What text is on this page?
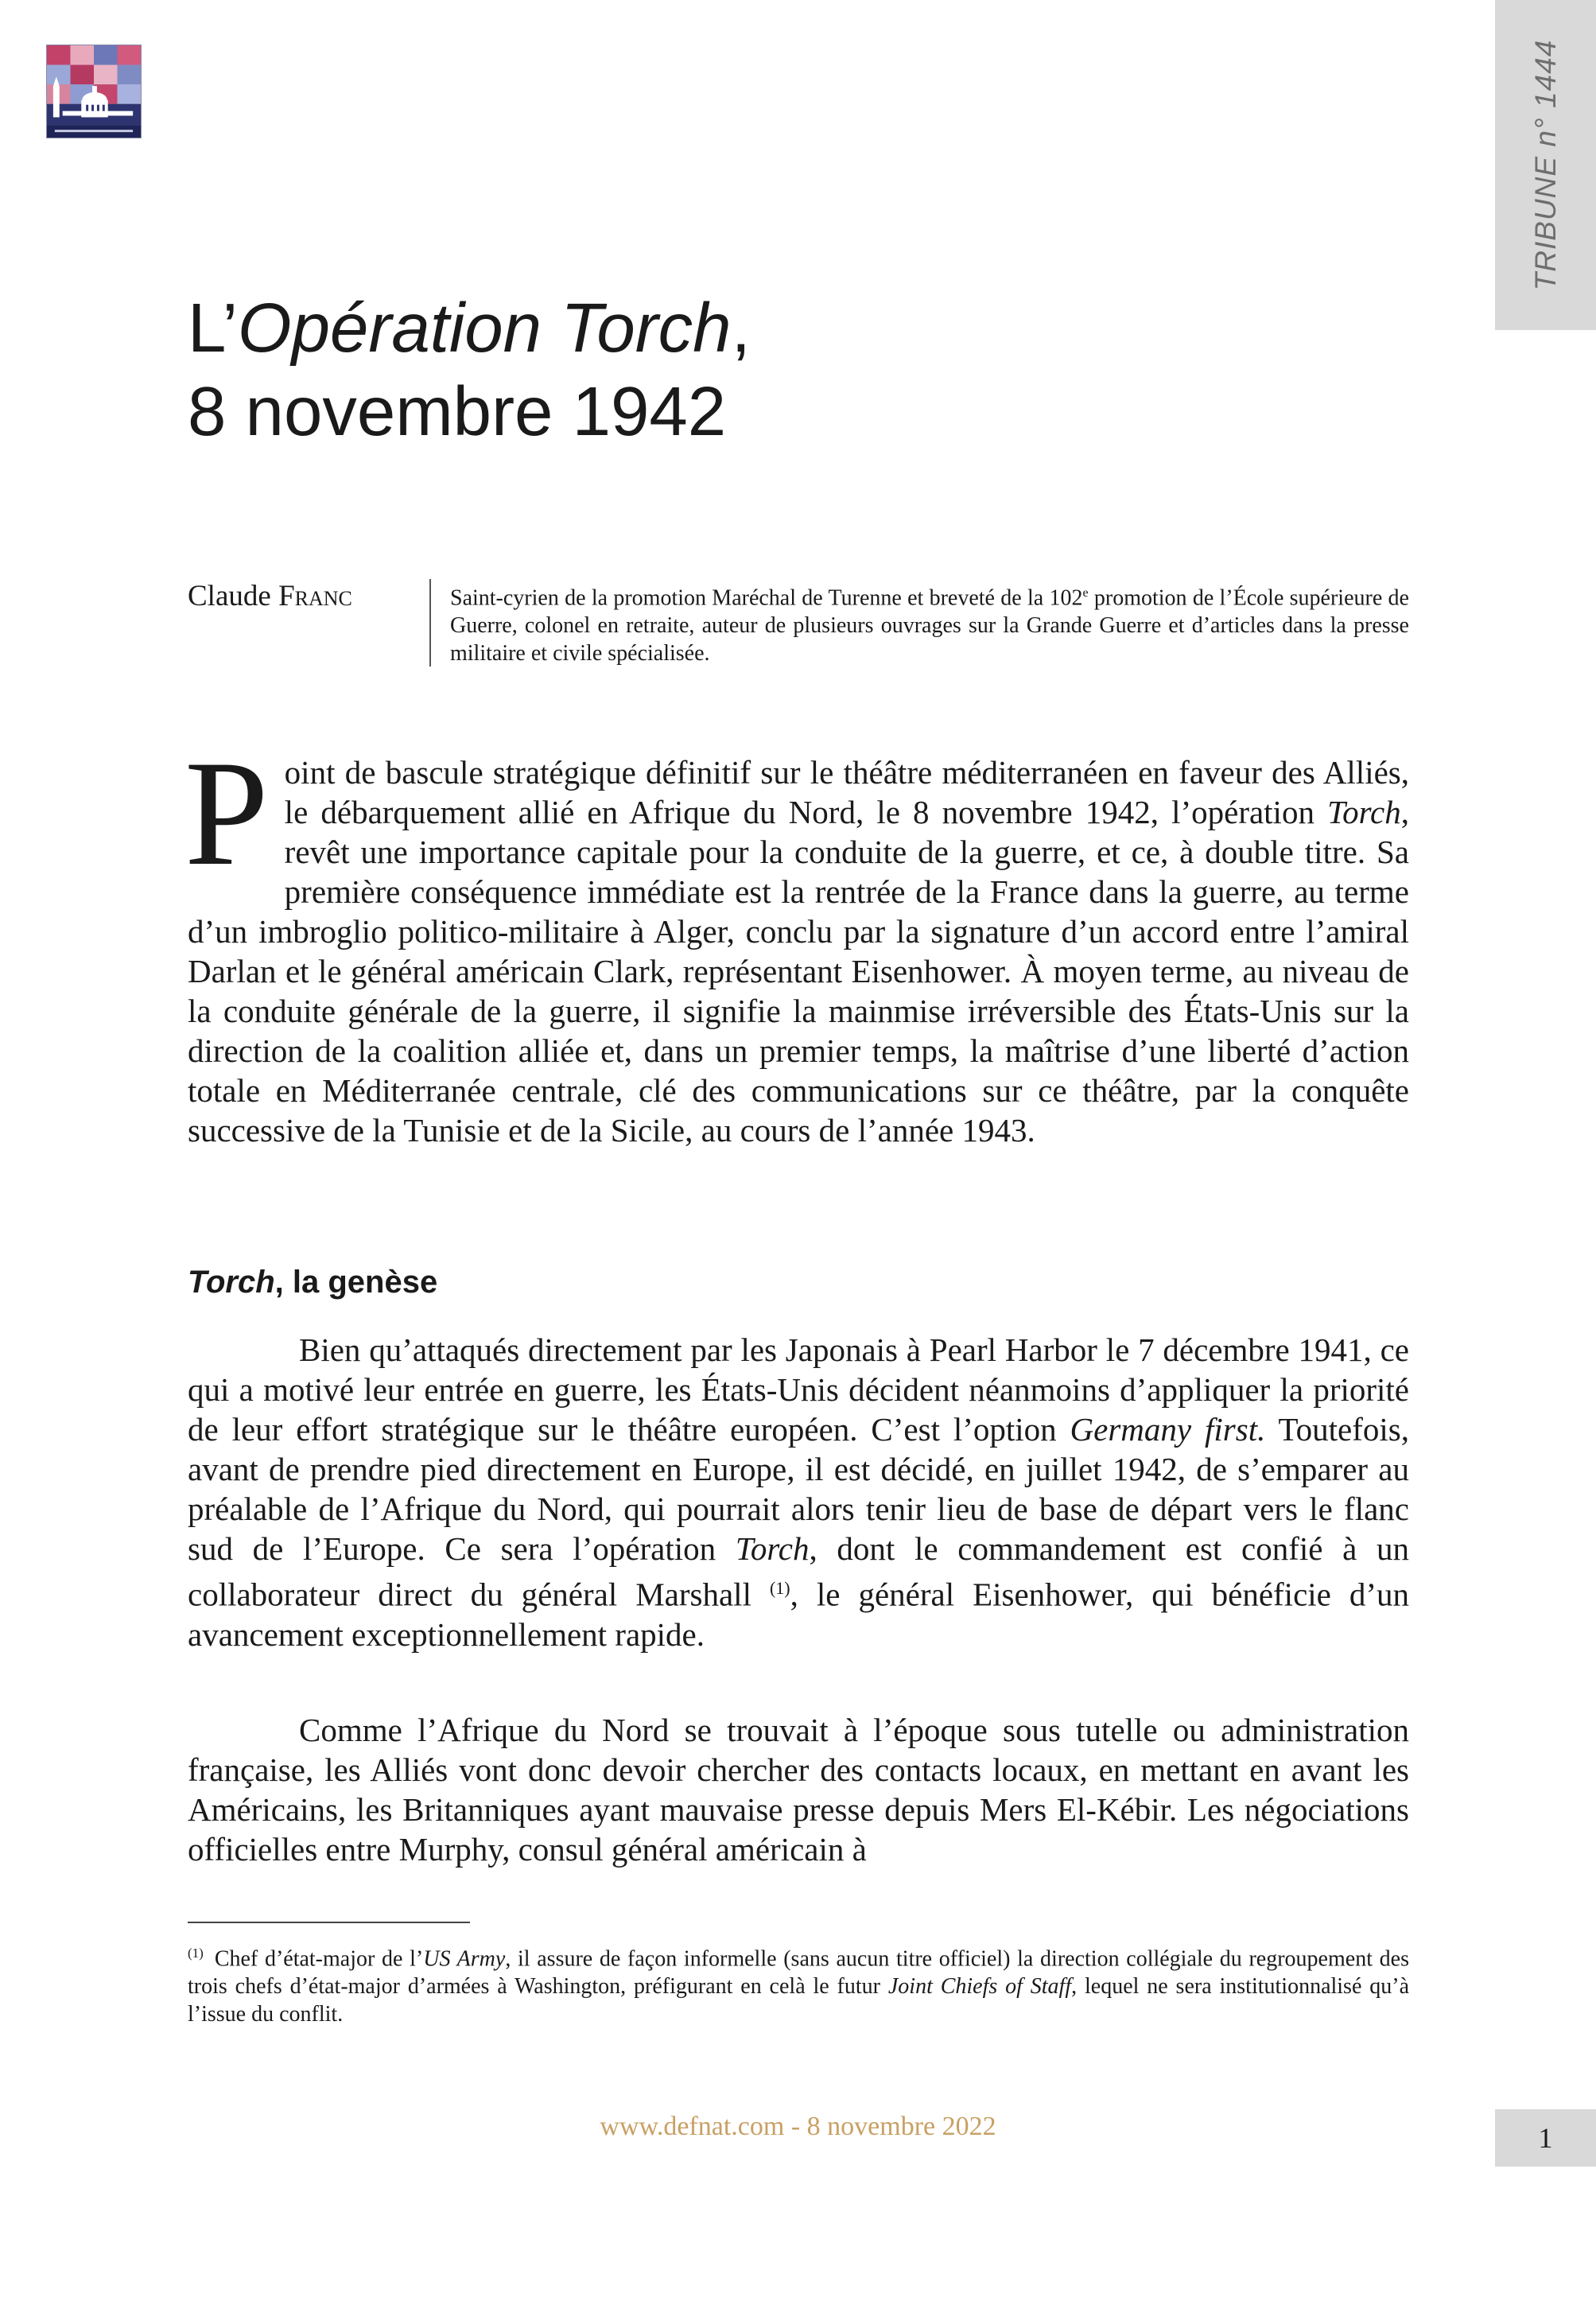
TRIBUNE n° 1444
L’Opération Torch,
8 novembre 1942
Claude Franc	Saint-cyrien de la promotion Maréchal de Turenne et breveté de la 102e promotion de l’École supérieure de Guerre, colonel en retraite, auteur de plusieurs ouvrages sur la Grande Guerre et d’articles dans la presse militaire et civile spécialisée.

Point de bascule stratégique définitif sur le théâtre méditerranéen en faveur des Alliés, le débarquement allié en Afrique du Nord, le 8 novembre 1942, l’opération Torch, revêt une importance capitale pour la conduite de la guerre, et ce, à double titre. Sa première conséquence immédiate est la rentrée de la France dans la guerre, au terme d’un imbroglio politico-militaire à Alger, conclu par la signature d’un accord entre l’amiral Darlan et le général américain Clark, représentant Eisenhower. À moyen terme, au niveau de la conduite générale de la guerre, il signifie la mainmise irréversible des États-Unis sur la direction de la coalition alliée et, dans un premier temps, la maîtrise d’une liberté d’action totale en Méditerranée centrale, clé des communications sur ce théâtre, par la conquête successive de la Tunisie et de la Sicile, au cours de l’année 1943.

Torch, la genèse

Bien qu’attaqués directement par les Japonais à Pearl Harbor le 7 décembre 1941, ce qui a motivé leur entrée en guerre, les États-Unis décident néanmoins d’appliquer la priorité de leur effort stratégique sur le théâtre européen. C’est l’option Germany first. Toutefois, avant de prendre pied directement en Europe, il est décidé, en juillet 1942, de s’emparer au préalable de l’Afrique du Nord, qui pourrait alors tenir lieu de base de départ vers le flanc sud de l’Europe. Ce sera l’opération Torch, dont le commandement est confié à un collaborateur direct du général Marshall $^{(1)}$, le général Eisenhower, qui bénéficie d’un avancement exceptionnellement rapide.

Comme l’Afrique du Nord se trouvait à l’époque sous tutelle ou administration française, les Alliés vont donc devoir chercher des contacts locaux, en mettant en avant les Américains, les Britanniques ayant mauvaise presse depuis Mers El-Kébir. Les négociations officielles entre Murphy, consul général américain à

$^{(1)}$ Chef d’état-major de l’US Army, il assure de façon informelle (sans aucun titre officiel) la direction collégiale du regroupement des trois chefs d’état-major d’armées à Washington, préfigurant en celà le futur Joint Chiefs of Staff, lequel ne sera institutionnalisé qu’à l’issue du conflit.

www.defnat.com - 8 novembre 2022	1
